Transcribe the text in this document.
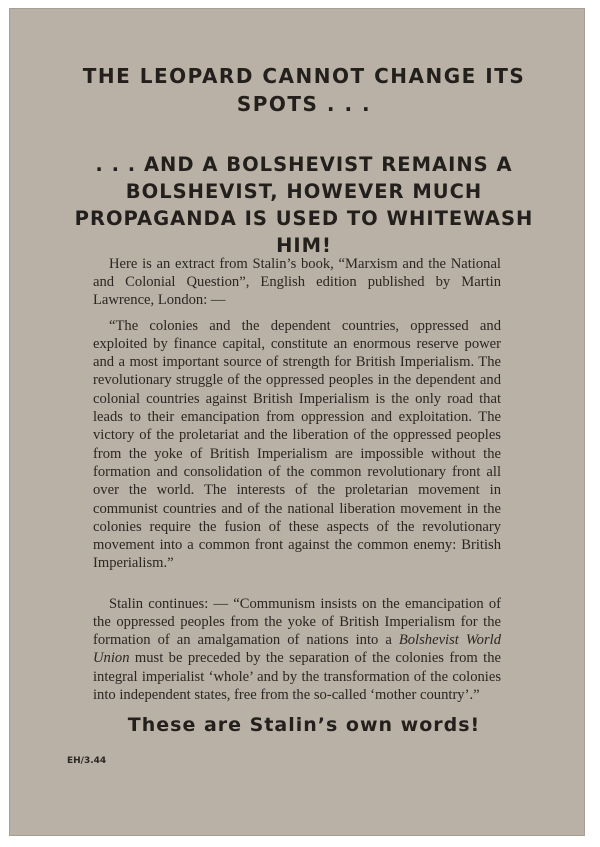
THE LEOPARD CANNOT CHANGE ITS SPOTS . . .
. . . AND A BOLSHEVIST REMAINS A BOLSHEVIST, HOWEVER MUCH PROPAGANDA IS USED TO WHITEWASH HIM!

Here is an extract from Stalin’s book, “Marxism and the National and Colonial Question”, English edition published by Martin Lawrence, London: —

“The colonies and the dependent countries, oppressed and exploited by finance capital, constitute an enormous reserve power and a most important source of strength for British Imperialism. The revolutionary struggle of the oppressed peoples in the dependent and colonial countries against British Imperialism is the only road that leads to their emancipation from oppression and exploitation. The victory of the proletariat and the liberation of the oppressed peoples from the yoke of British Imperialism are impossible without the formation and consolidation of the common revolutionary front all over the world. The interests of the proletarian movement in communist countries and of the national liberation movement in the colonies require the fusion of these aspects of the revolutionary movement into a common front against the common enemy: British Imperialism.”

Stalin continues: — “Communism insists on the emancipation of the oppressed peoples from the yoke of British Imperialism for the formation of an amalgamation of nations into a Bolshevist World Union must be preceded by the separation of the colonies from the integral imperialist ‘whole’ and by the transformation of the colonies into independent states, free from the so-called ‘mother country’.”

These are Stalin’s own words!
EH/3.44
